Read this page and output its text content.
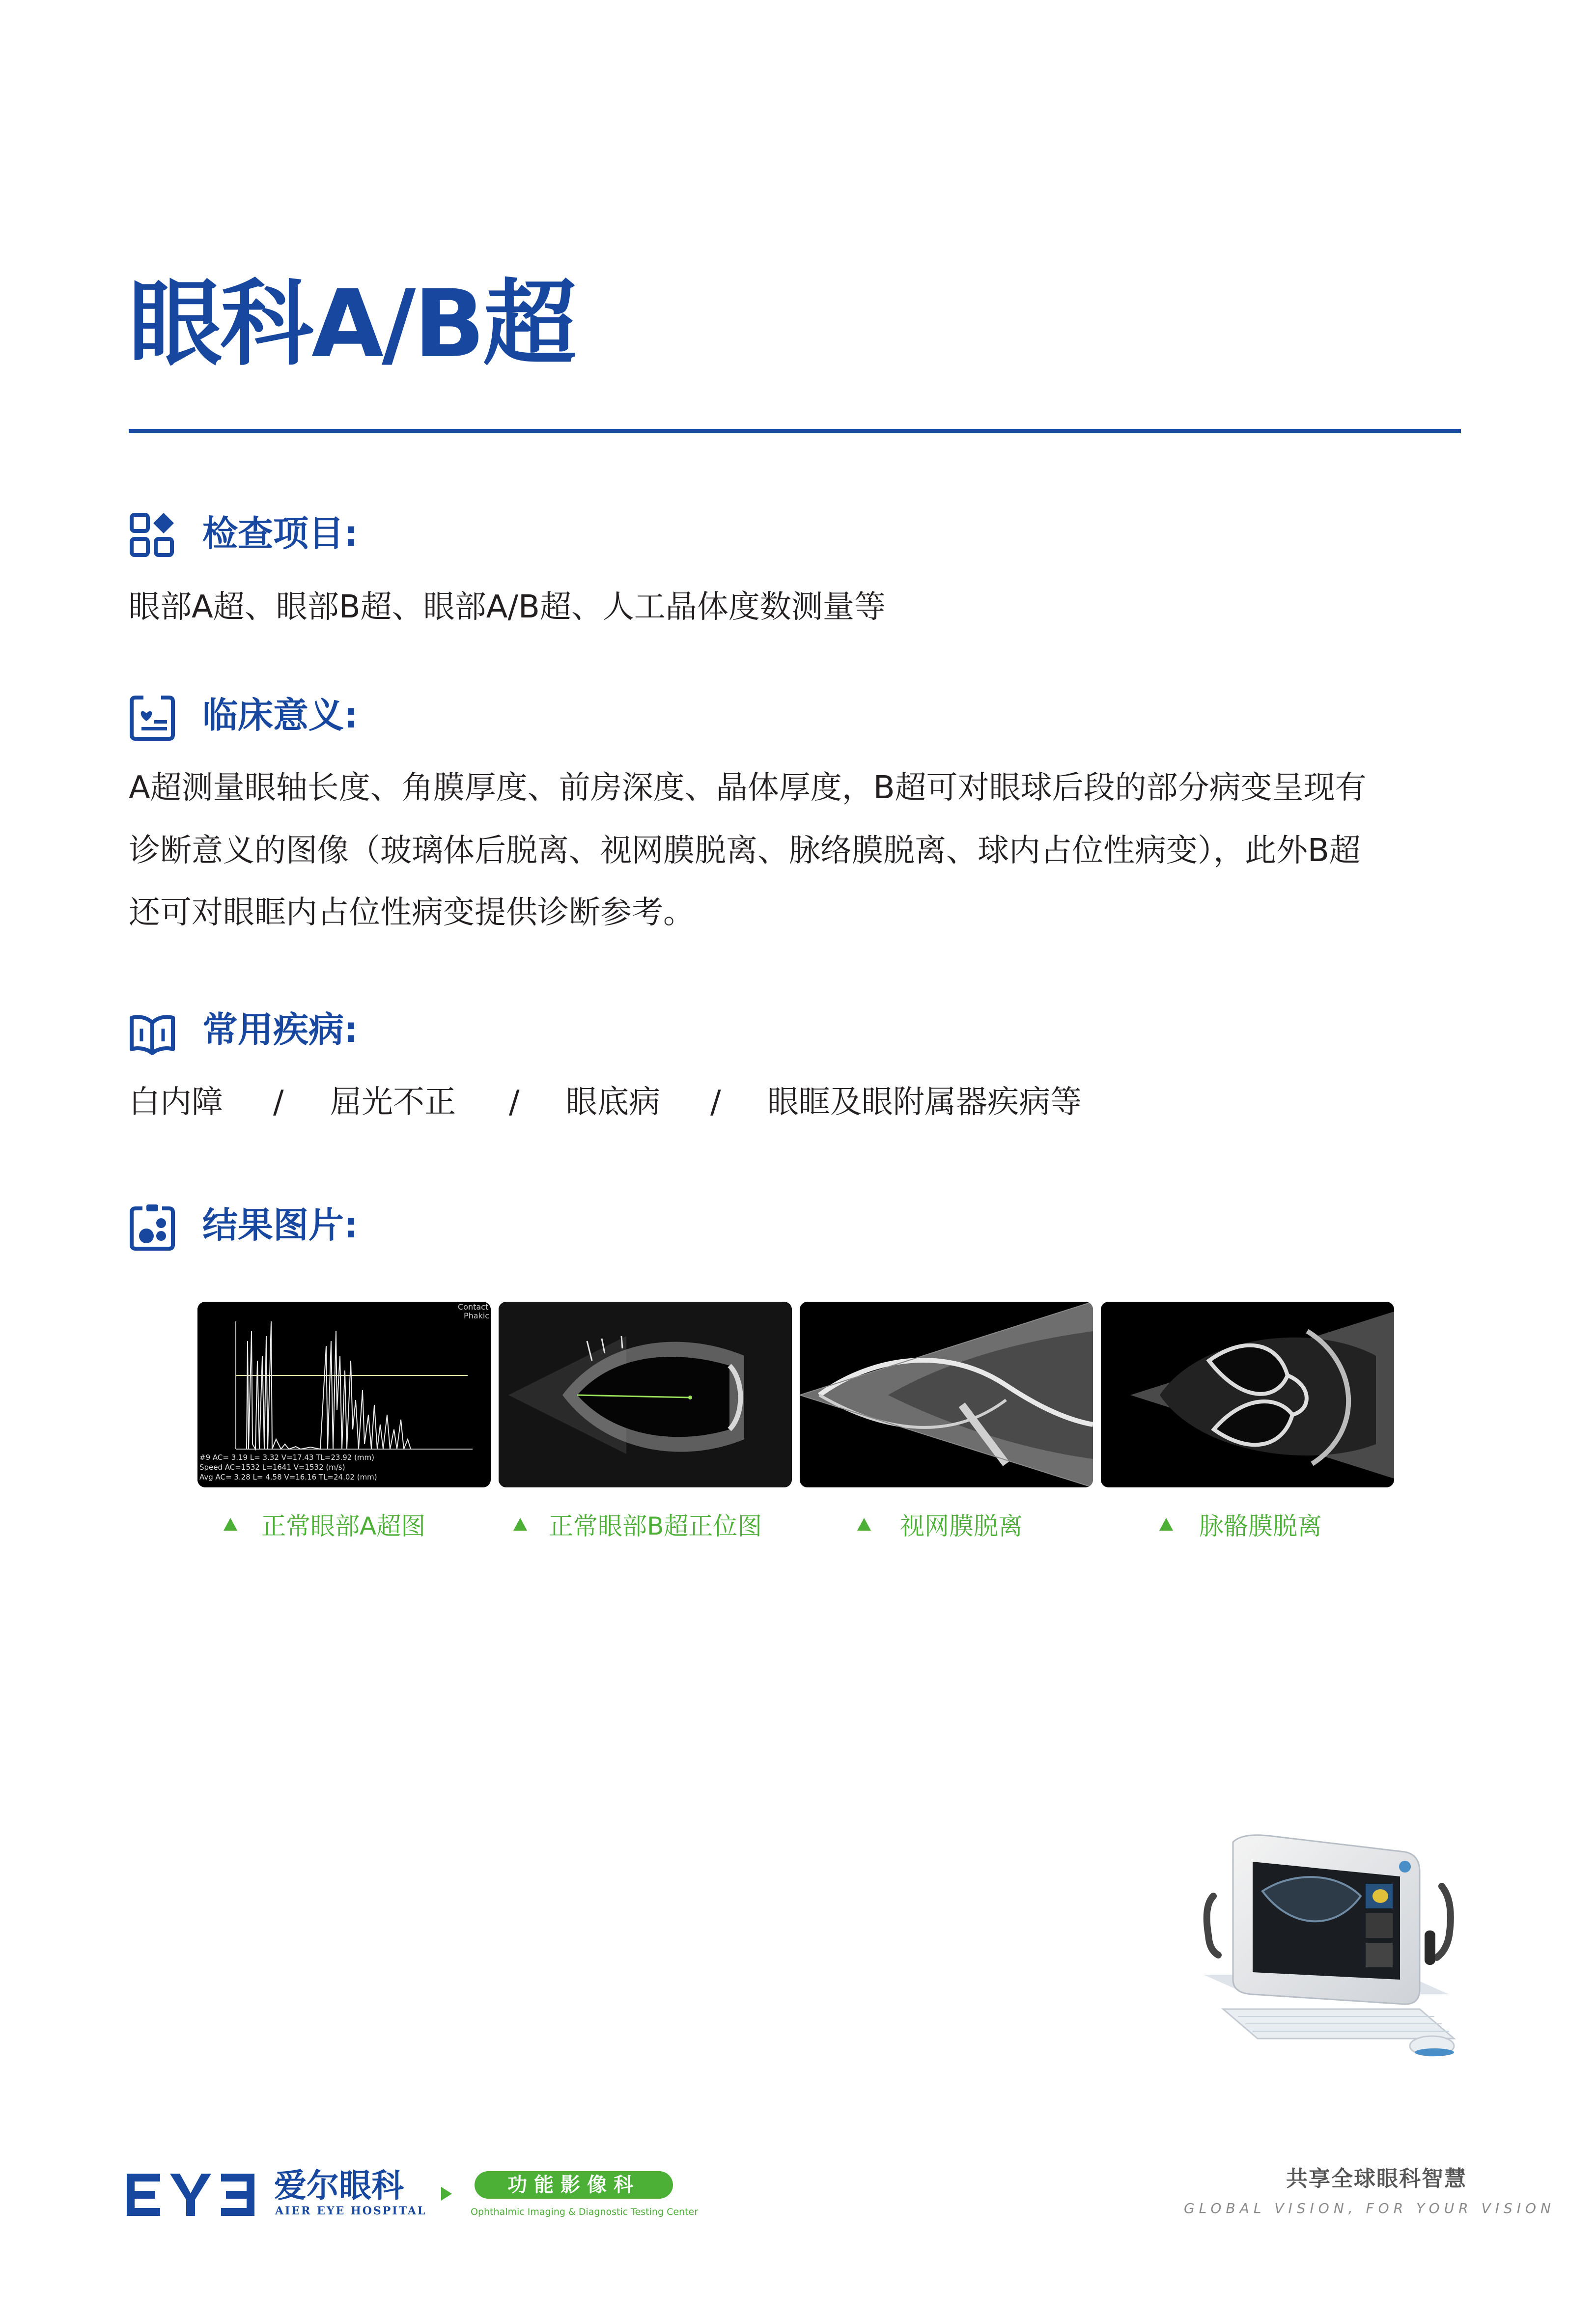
眼科A/B超
检查项目:
眼部A超、眼部B超、眼部A/B超、人工晶体度数测量等
临床意义:
A超测量眼轴长度、角膜厚度、前房深度、晶体厚度，B超可对眼球后段的部分病变呈现有
诊断意义的图像（玻璃体后脱离、视网膜脱离、脉络膜脱离、球内占位性病变），此外B超
还可对眼眶内占位性病变提供诊断参考。
常用疾病:
白内障 / 屈光不正 / 眼底病 / 眼眶及眼附属器疾病等
结果图片:
Contact
Phakic
#9 AC= 3.19 L= 3.32 V=17.43 TL=23.92 (mm)
Speed AC=1532 L=1641 V=1532 (m/s)
Avg AC= 3.28 L= 4.58 V=16.16 TL=24.02 (mm)
正常眼部A超图	正常眼部B超正位图	视网膜脱离	脉骼膜脱离
EYE	爱尔眼科
AIER EYE HOSPITAL
功能影像科
Ophthalmic Imaging & Diagnostic Testing Center
共享全球眼科智慧
GLOBAL VISION, FOR YOUR VISION
